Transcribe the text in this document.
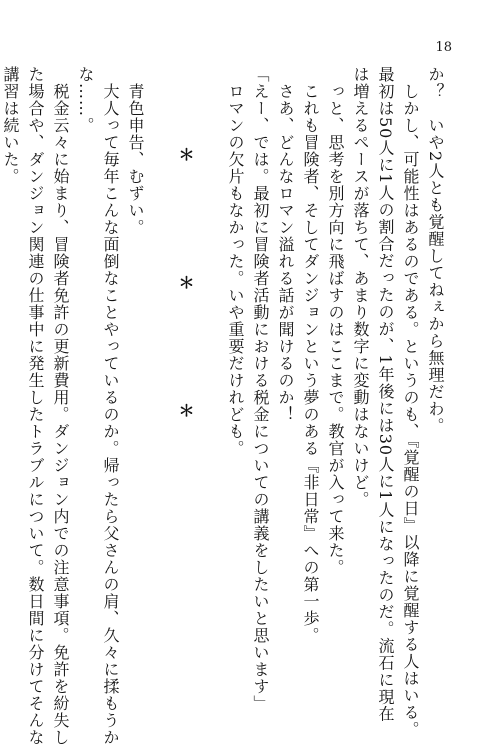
18

か？　いや2人とも覚醒してねぇから無理だわ。

　しかし、可能性はあるのである。というのも、『覚醒の日』以降に覚醒する人はいる。

最初は50人に1人の割合だったのが、1年後には30人に1人になったのだ。流石に現在

は増えるペースが落ちて、あまり数字に変動はないけど。

　っと、思考を別方向に飛ばすのはここまで。教官が入って来た。

　これも冒険者、そしてダンジョンという夢のある『非日常』への第一歩。

　さあ、どんなロマン溢れる話が聞けるのか！

「えー、では。最初に冒険者活動における税金についての講義をしたいと思います」

　ロマンの欠片もなかった。いや重要だけれども。

＊　＊　＊

　青色申告、むずい。

　大人って毎年こんな面倒なことやっているのか。帰ったら父さんの肩、久々に揉もうか

な……。

　税金云々に始まり、冒険者免許の更新費用。ダンジョン内での注意事項。免許を紛失し

た場合や、ダンジョン関連の仕事中に発生したトラブルについて。数日間に分けてそんな

講習は続いた。
